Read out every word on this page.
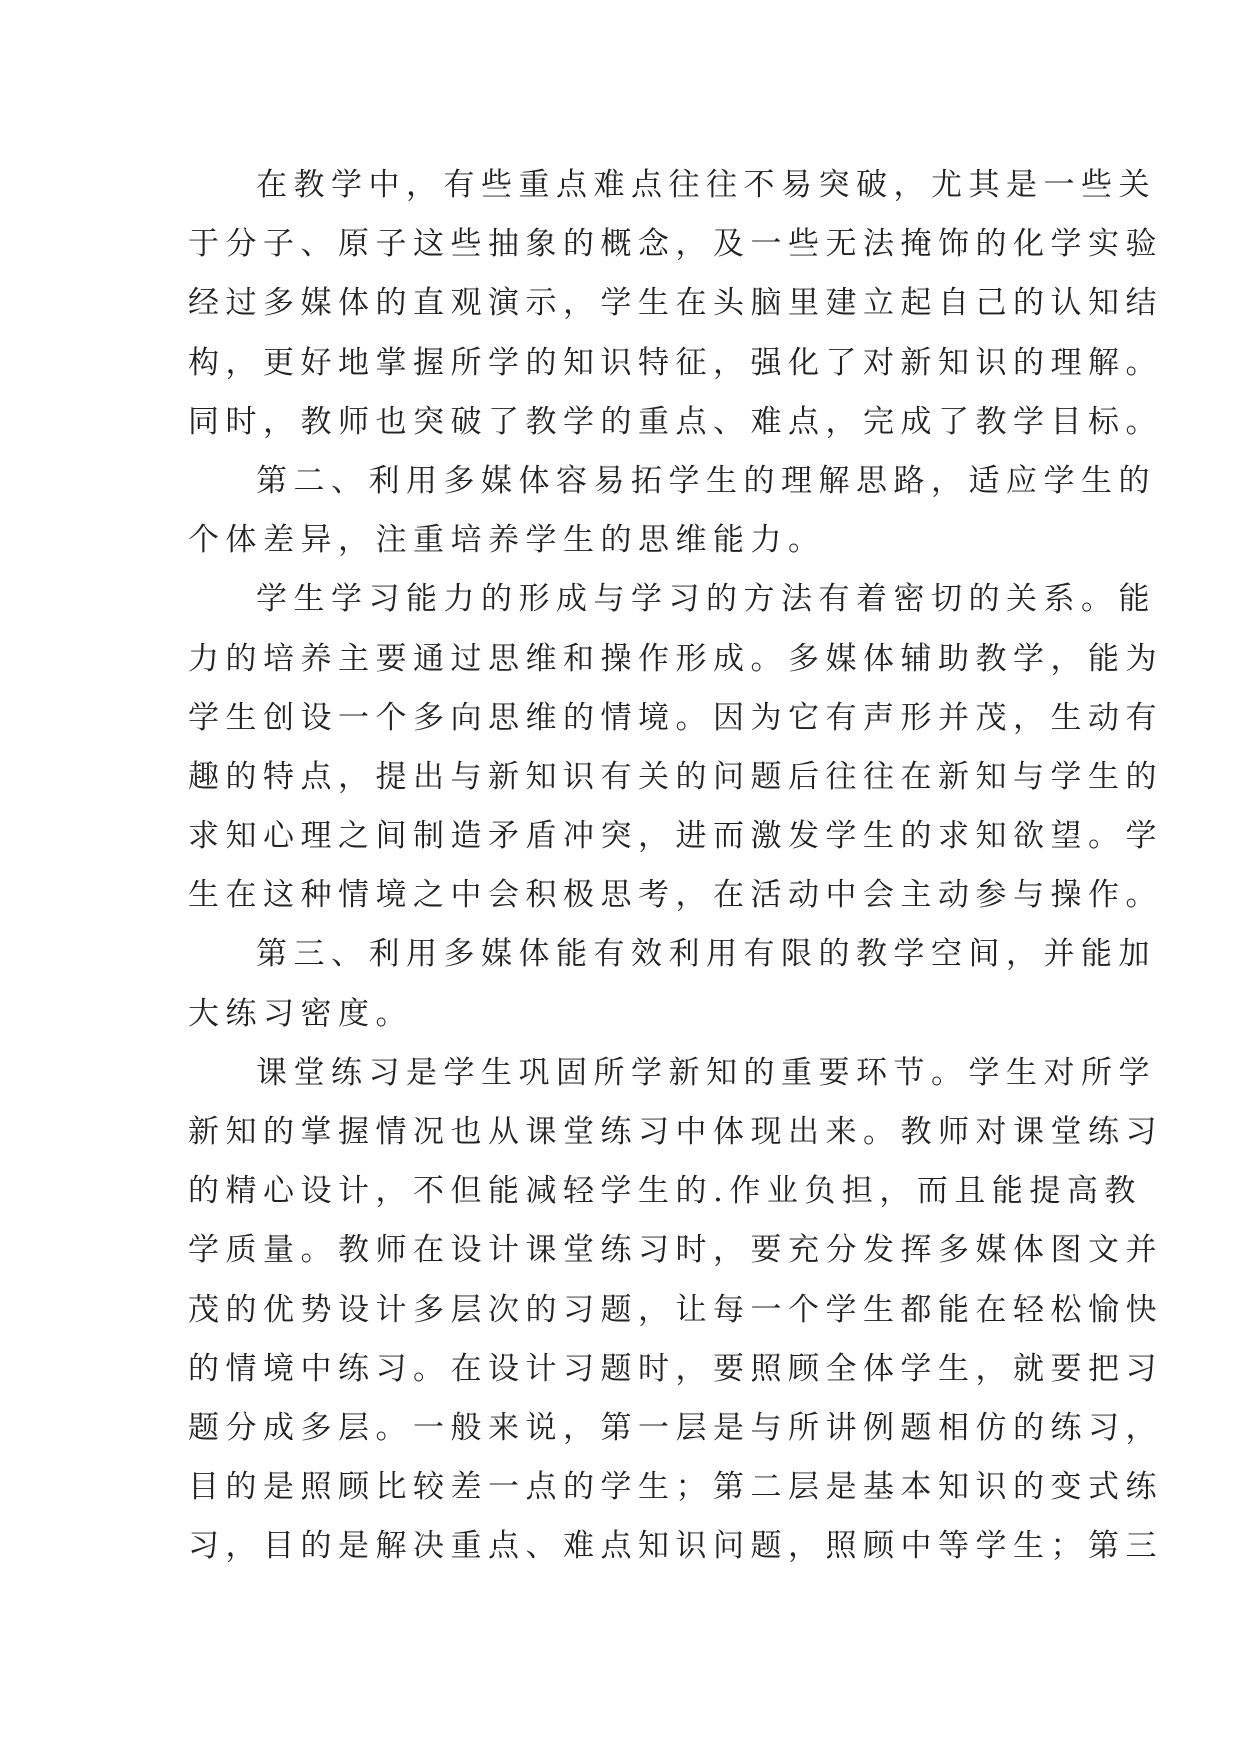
在教学中，有些重点难点往往不易突破，尤其是一些关
于分子、原子这些抽象的概念，及一些无法掩饰的化学实验
经过多媒体的直观演示，学生在头脑里建立起自己的认知结
构，更好地掌握所学的知识特征，强化了对新知识的理解。
同时，教师也突破了教学的重点、难点，完成了教学目标。
第二、利用多媒体容易拓学生的理解思路，适应学生的
个体差异，注重培养学生的思维能力。
学生学习能力的形成与学习的方法有着密切的关系。能
力的培养主要通过思维和操作形成。多媒体辅助教学，能为
学生创设一个多向思维的情境。因为它有声形并茂，生动有
趣的特点，提出与新知识有关的问题后往往在新知与学生的
求知心理之间制造矛盾冲突，进而激发学生的求知欲望。学
生在这种情境之中会积极思考，在活动中会主动参与操作。
第三、利用多媒体能有效利用有限的教学空间，并能加
大练习密度。
课堂练习是学生巩固所学新知的重要环节。学生对所学
新知的掌握情况也从课堂练习中体现出来。教师对课堂练习
的精心设计，不但能减轻学生的.作业负担，而且能提高教
学质量。教师在设计课堂练习时，要充分发挥多媒体图文并
茂的优势设计多层次的习题，让每一个学生都能在轻松愉快
的情境中练习。在设计习题时，要照顾全体学生，就要把习
题分成多层。一般来说，第一层是与所讲例题相仿的练习，
目的是照顾比较差一点的学生；第二层是基本知识的变式练
习，目的是解决重点、难点知识问题，照顾中等学生；第三
